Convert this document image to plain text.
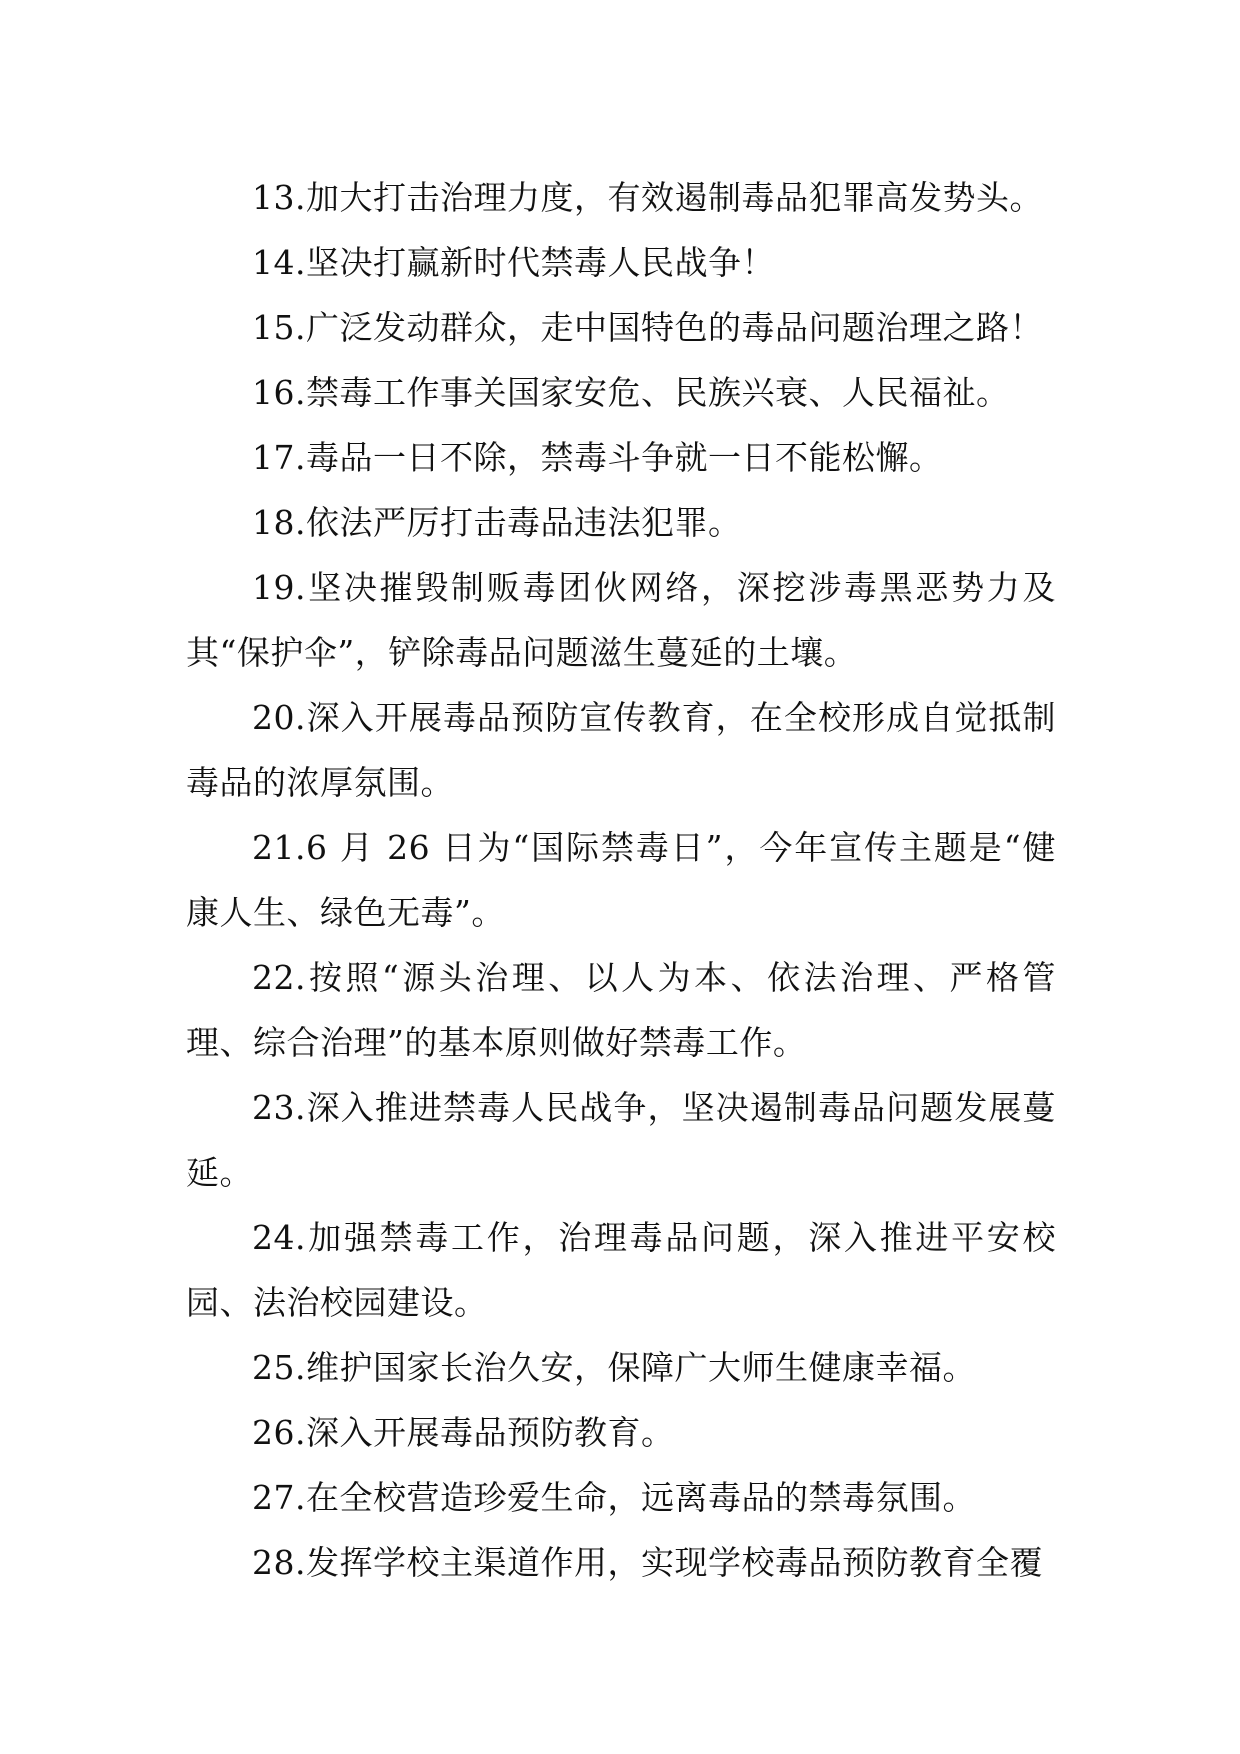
13.加大打击治理力度，有效遏制毒品犯罪高发势头。

14.坚决打赢新时代禁毒人民战争！

15.广泛发动群众，走中国特色的毒品问题治理之路！

16.禁毒工作事关国家安危、民族兴衰、人民福祉。

17.毒品一日不除，禁毒斗争就一日不能松懈。

18.依法严厉打击毒品违法犯罪。

19.坚决摧毁制贩毒团伙网络，深挖涉毒黑恶势力及其“保护伞”，铲除毒品问题滋生蔓延的土壤。

20.深入开展毒品预防宣传教育，在全校形成自觉抵制毒品的浓厚氛围。

21.6 月 26 日为“国际禁毒日”，今年宣传主题是“健康人生、绿色无毒”。

22.按照“源头治理、以人为本、依法治理、严格管理、综合治理”的基本原则做好禁毒工作。

23.深入推进禁毒人民战争，坚决遏制毒品问题发展蔓延。

24.加强禁毒工作，治理毒品问题，深入推进平安校园、法治校园建设。

25.维护国家长治久安，保障广大师生健康幸福。

26.深入开展毒品预防教育。

27.在全校营造珍爱生命，远离毒品的禁毒氛围。

28.发挥学校主渠道作用，实现学校毒品预防教育全覆
